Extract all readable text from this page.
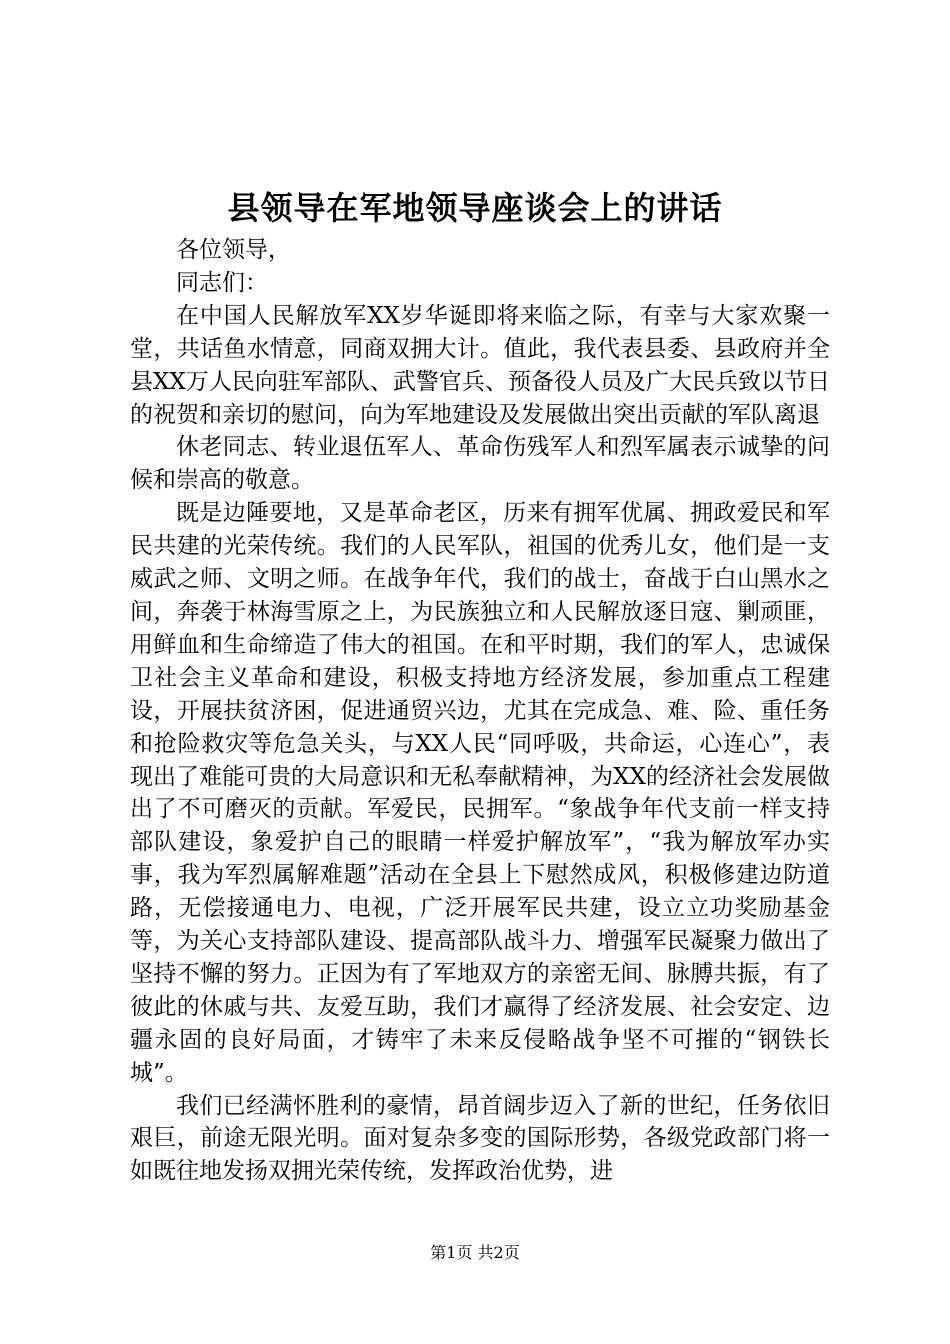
县领导在军地领导座谈会上的讲话

各位领导，

同志们：

在中国人民解放军XX岁华诞即将来临之际，有幸与大家欢聚一堂，共话鱼水情意，同商双拥大计。值此，我代表县委、县政府并全县XX万人民向驻军部队、武警官兵、预备役人员及广大民兵致以节日的祝贺和亲切的慰问，向为军地建设及发展做出突出贡献的军队离退

休老同志、转业退伍军人、革命伤残军人和烈军属表示诚挚的问候和崇高的敬意。

既是边陲要地，又是革命老区，历来有拥军优属、拥政爱民和军民共建的光荣传统。我们的人民军队，祖国的优秀儿女，他们是一支威武之师、文明之师。在战争年代，我们的战士，奋战于白山黑水之间，奔袭于林海雪原之上，为民族独立和人民解放逐日寇、剿顽匪，用鲜血和生命缔造了伟大的祖国。在和平时期，我们的军人，忠诚保卫社会主义革命和建设，积极支持地方经济发展，参加重点工程建设，开展扶贫济困，促进通贸兴边，尤其在完成急、难、险、重任务和抢险救灾等危急关头，与XX人民“同呼吸，共命运，心连心”，表现出了难能可贵的大局意识和无私奉献精神，为XX的经济社会发展做出了不可磨灭的贡献。军爱民，民拥军。“象战争年代支前一样支持部队建设，象爱护自己的眼睛一样爱护解放军”，“我为解放军办实事，我为军烈属解难题”活动在全县上下慰然成风，积极修建边防道路，无偿接通电力、电视，广泛开展军民共建，设立立功奖励基金等，为关心支持部队建设、提高部队战斗力、增强军民凝聚力做出了坚持不懈的努力。正因为有了军地双方的亲密无间、脉膊共振，有了彼此的休戚与共、友爱互助，我们才赢得了经济发展、社会安定、边疆永固的良好局面，才铸牢了未来反侵略战争坚不可摧的“钢铁长城”。

我们已经满怀胜利的豪情，昂首阔步迈入了新的世纪，任务依旧艰巨，前途无限光明。面对复杂多变的国际形势，各级党政部门将一如既往地发扬双拥光荣传统，发挥政治优势，进

第1页 共2页
